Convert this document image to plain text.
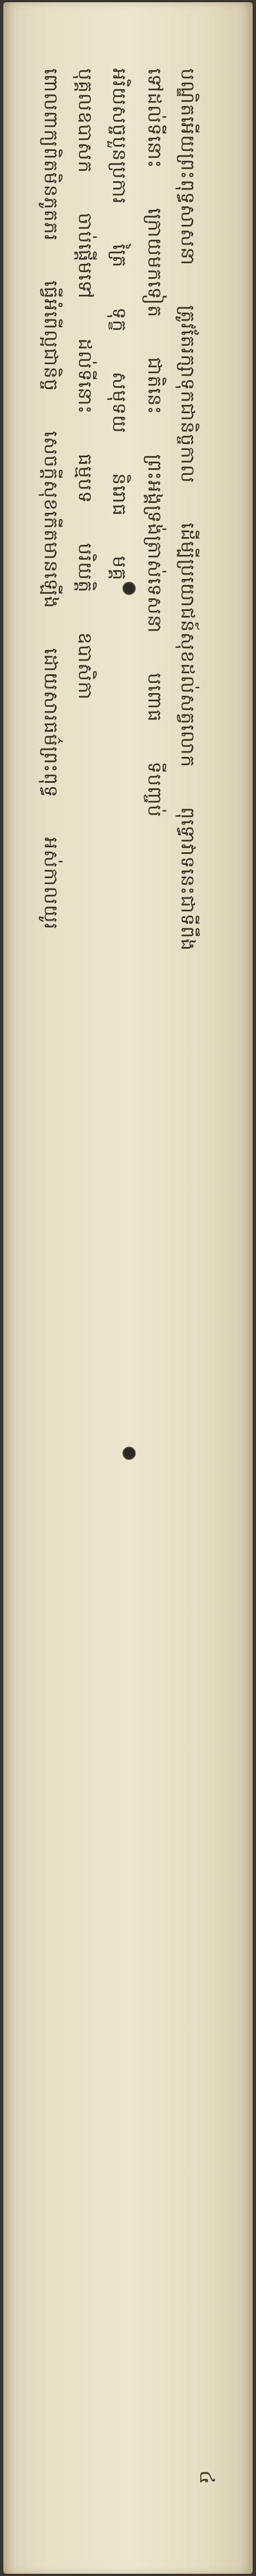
បណ្ឌិតអើយព្រះពុទ្ធសាសនា ត្រូវតែរក្សាទុកជានិច្ចកាល ដើម្បីប្រយោជន៍សុខដល់សត្វលោក ពុទ្ធោវាទនេះជាទីពឹង
ទៅដល់ទីនោះ ក្រោយមកទៀត ជាតិនេះ ព្រះអង្គទ្រង់ត្រាស់ទេសនា បពោធ ទីបញ្ចប់
អរិយសច្ចបួនប្រការ ត្រៃ ទុក្ខ សមុទយ និរោធ មគ្គ
បុគ្គលឧបាសក ចាប់ផ្ដើមទៅ ដល់ទីនោះ ធម្មបទ បរិយត្តិ ឧបាសិកា
ពោលពាក្យពិតមិនភូតភរ ធ្វើអំពើល្អជានិច្ច សេចក្ដីសុខកើតមានឡើង ដោយសារធម៌ព្រះពុទ្ធ អស់កាលយូរ
៤
